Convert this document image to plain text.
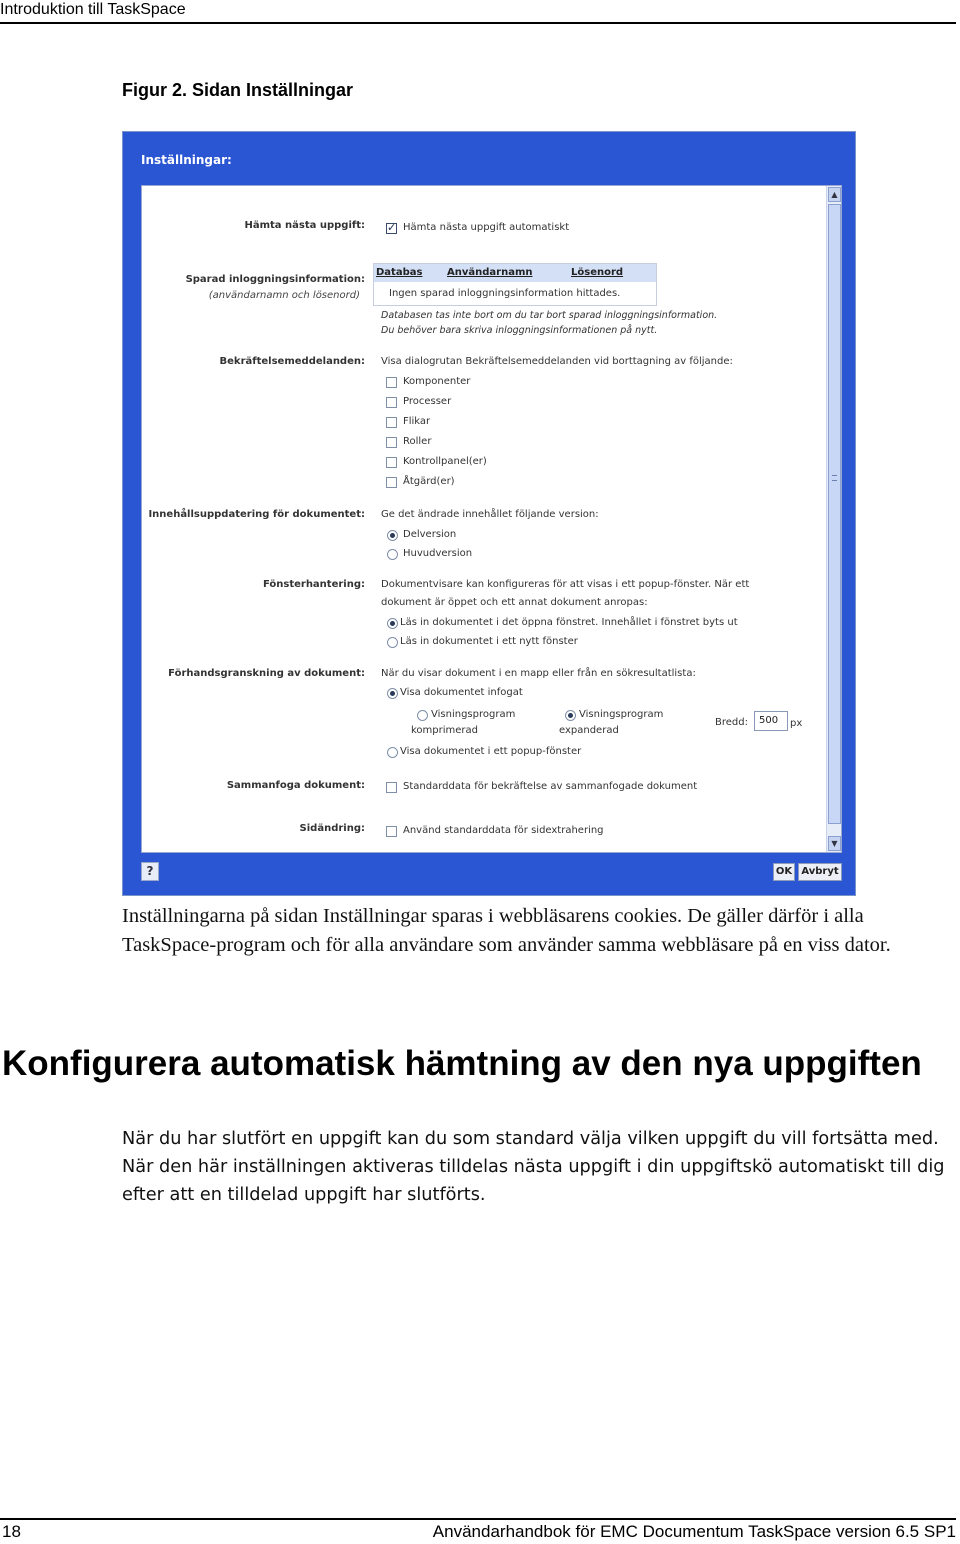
Introduktion till TaskSpace
Figur 2. Sidan Inställningar
Inställningar:
Hämta nästa uppgift:
✓	Hämta nästa uppgift automatiskt
Sparad inloggningsinformation:
(användarnamn och lösenord)
Databas Användarnamn	Lösenord
Ingen sparad inloggningsinformation hittades.
Databasen tas inte bort om du tar bort sparad inloggningsinformation.
Du behöver bara skriva inloggningsinformationen på nytt.
Bekräftelsemeddelanden: Visa dialogrutan Bekräftelsemeddelanden vid borttagning av följande:
Komponenter
Processer
Flikar
Roller
Kontrollpanel(er)
Åtgärd(er)
Innehållsuppdatering för dokumentet: Ge det ändrade innehållet följande version:
Delversion
Huvudversion
Fönsterhantering: Dokumentvisare kan konfigureras för att visas i ett popup-fönster. När ett
dokument är öppet och ett annat dokument anropas:
Läs in dokumentet i det öppna fönstret. Innehållet i fönstret byts ut
Läs in dokumentet i ett nytt fönster
Förhandsgranskning av dokument: När du visar dokument i en mapp eller från en sökresultatlista:
Visa dokumentet infogat
Visningsprogram
komprimerad
Visningsprogram
expanderad
Bredd:	500	px
Visa dokumentet i ett popup-fönster
Sammanfoga dokument:	Standarddata för bekräftelse av sammanfogade dokument
Sidändring:	Använd standarddata för sidextrahering
▲
▼
?	OK Avbryt
Inställningarna på sidan Inställningar sparas i webbläsarens cookies. De gäller därför i alla TaskSpace-program och för alla användare som använder samma webbläsare på en viss dator.
Konfigurera automatisk hämtning av den nya uppgiften
När du har slutfört en uppgift kan du som standard välja vilken uppgift du vill fortsätta med. När den här inställningen aktiveras tilldelas nästa uppgift i din uppgiftskö automatiskt till dig efter att en tilldelad uppgift har slutförts.
18	Användarhandbok för EMC Documentum TaskSpace version 6.5 SP1
